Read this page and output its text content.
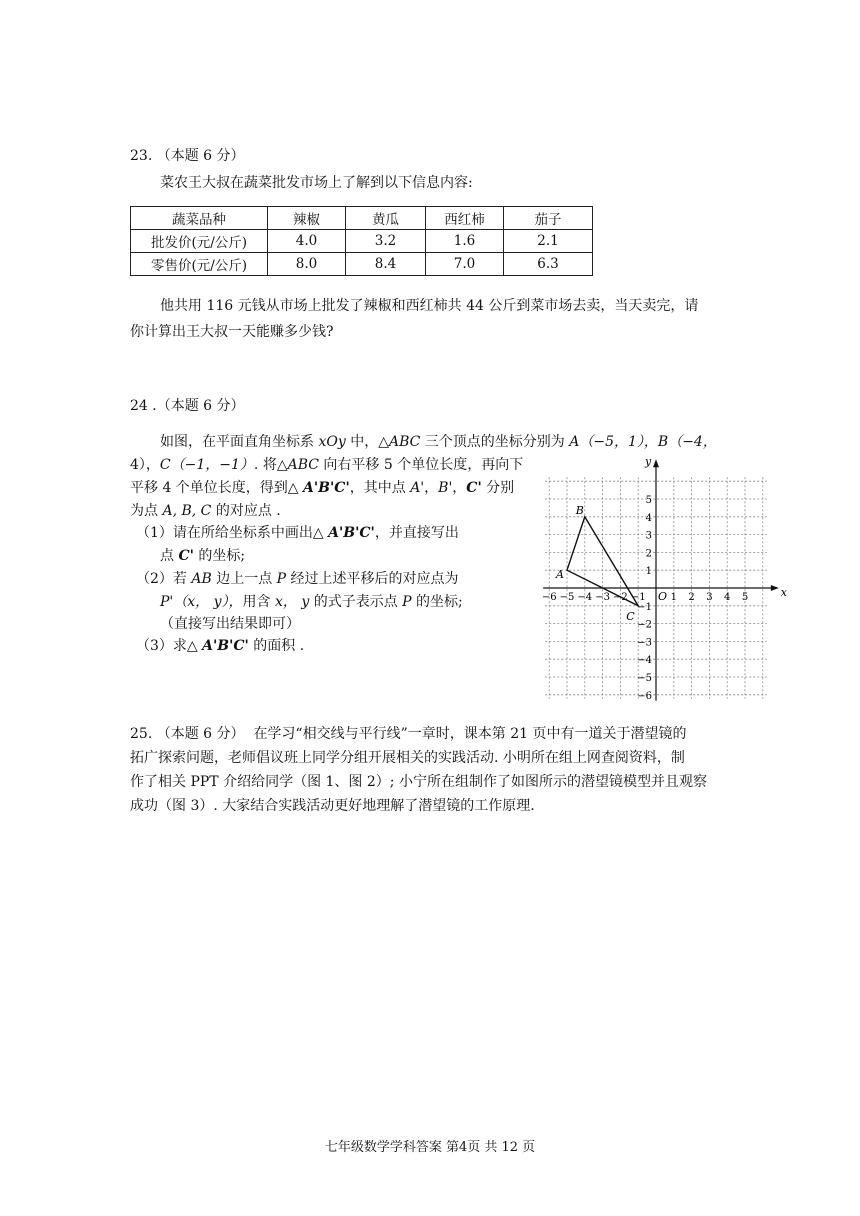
23. （本题 6 分）
菜农王大叔在蔬菜批发市场上了解到以下信息内容:
蔬菜品种	辣椒	黄瓜	西红柿	茄子
批发价(元/公斤)	4.0	3.2	1.6	2.1
零售价(元/公斤)	8.0	8.4	7.0	6.3
他共用 116 元钱从市场上批发了辣椒和西红柿共 44 公斤到菜市场去卖，当天卖完，请
你计算出王大叔一天能赚多少钱?
24 .（本题 6 分）
如图，在平面直角坐标系 xOy 中，△ABC 三个顶点的坐标分别为 A（−5，1），B（−4，
4），C（−1，−1）. 将△ABC 向右平移 5 个单位长度，再向下
平移 4 个单位长度，得到△ A'B'C'，其中点 A'，B'，C' 分别
为点 A, B, C 的对应点 .
（1）请在所给坐标系中画出△ A'B'C'，并直接写出
点 C' 的坐标;
（2）若 AB 边上一点 P 经过上述平移后的对应点为
P'（x， y），用含 x， y 的式子表示点 P 的坐标;
（直接写出结果即可）
（3）求△ A'B'C' 的面积 .
x
y
O
−6 −5 −4 −3 −2 −1	1 2 3 4 5
5
4
3
2
1
−1
−2
−3
−4
−5
−6
A
B
C
25. （本题 6 分） 在学习“相交线与平行线”一章时，课本第 21 页中有一道关于潜望镜的
拓广探索问题，老师倡议班上同学分组开展相关的实践活动. 小明所在组上网查阅资料，制
作了相关 PPT 介绍给同学（图 1、图 2）; 小宁所在组制作了如图所示的潜望镜模型并且观察
成功（图 3）. 大家结合实践活动更好地理解了潜望镜的工作原理.
七年级数学学科答案 第4页 共 12 页
